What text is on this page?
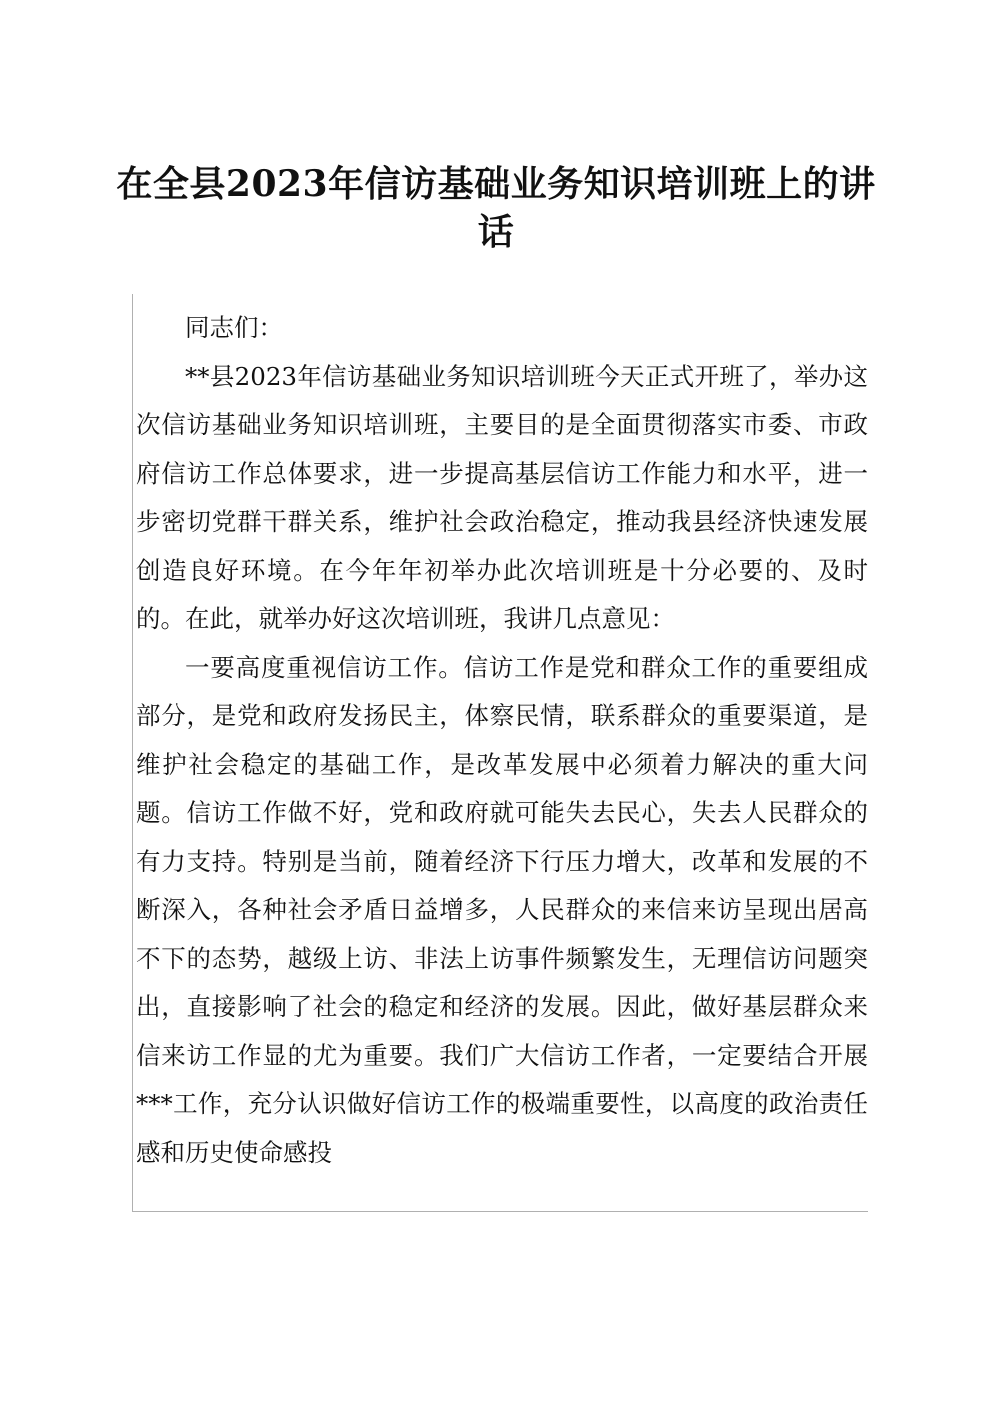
在全县2023年信访基础业务知识培训班上的讲话

同志们：

**县2023年信访基础业务知识培训班今天正式开班了，举办这次信访基础业务知识培训班，主要目的是全面贯彻落实市委、市政府信访工作总体要求，进一步提高基层信访工作能力和水平，进一步密切党群干群关系，维护社会政治稳定，推动我县经济快速发展创造良好环境。在今年年初举办此次培训班是十分必要的、及时的。在此，就举办好这次培训班，我讲几点意见：

一要高度重视信访工作。信访工作是党和群众工作的重要组成部分，是党和政府发扬民主，体察民情，联系群众的重要渠道，是维护社会稳定的基础工作，是改革发展中必须着力解决的重大问题。信访工作做不好，党和政府就可能失去民心，失去人民群众的有力支持。特别是当前，随着经济下行压力增大，改革和发展的不断深入，各种社会矛盾日益增多，人民群众的来信来访呈现出居高不下的态势，越级上访、非法上访事件频繁发生，无理信访问题突出，直接影响了社会的稳定和经济的发展。因此，做好基层群众来信来访工作显的尤为重要。我们广大信访工作者，一定要结合开展***工作，充分认识做好信访工作的极端重要性，以高度的政治责任感和历史使命感投
